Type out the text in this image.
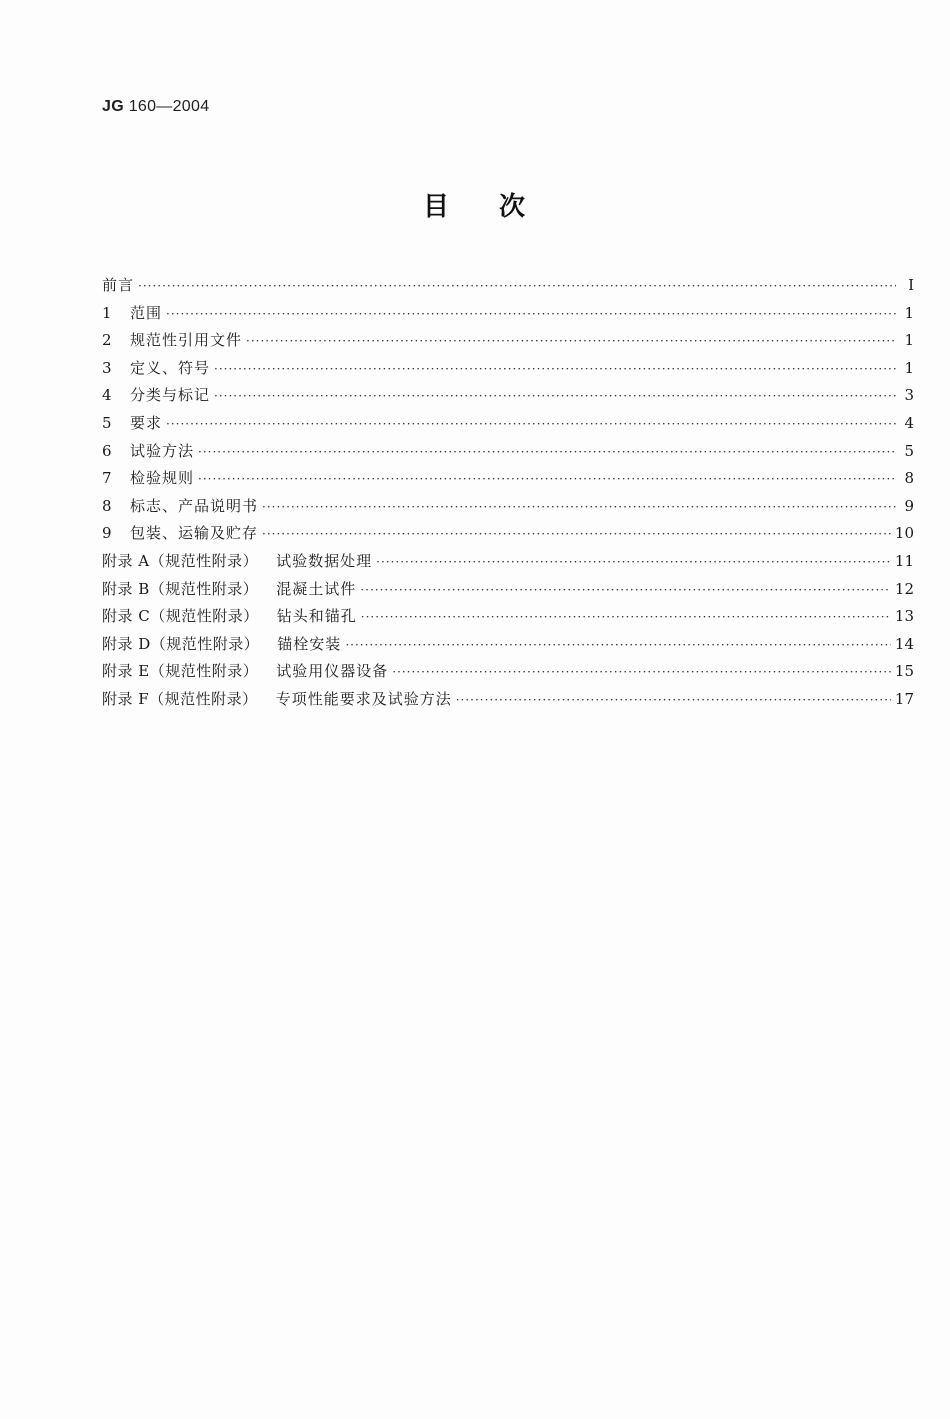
JG 160—2004
目 次
前言 ·····	I
1	范围 ·····	1
2	规范性引用文件 ·····	1
3	定义、符号 ·····	1
4	分类与标记 ·····	3
5	要求 ·····	4
6	试验方法 ·····	5
7	检验规则 ·····	8
8	标志、产品说明书 ·····	9
9	包装、运输及贮存 ·····	10
附录 A（规范性附录） 试验数据处理 ·····	11
附录 B（规范性附录） 混凝土试件 ·····	12
附录 C（规范性附录） 钻头和锚孔 ·····	13
附录 D（规范性附录） 锚栓安装 ·····	14
附录 E（规范性附录） 试验用仪器设备 ·····	15
附录 F（规范性附录） 专项性能要求及试验方法 ·····	17
